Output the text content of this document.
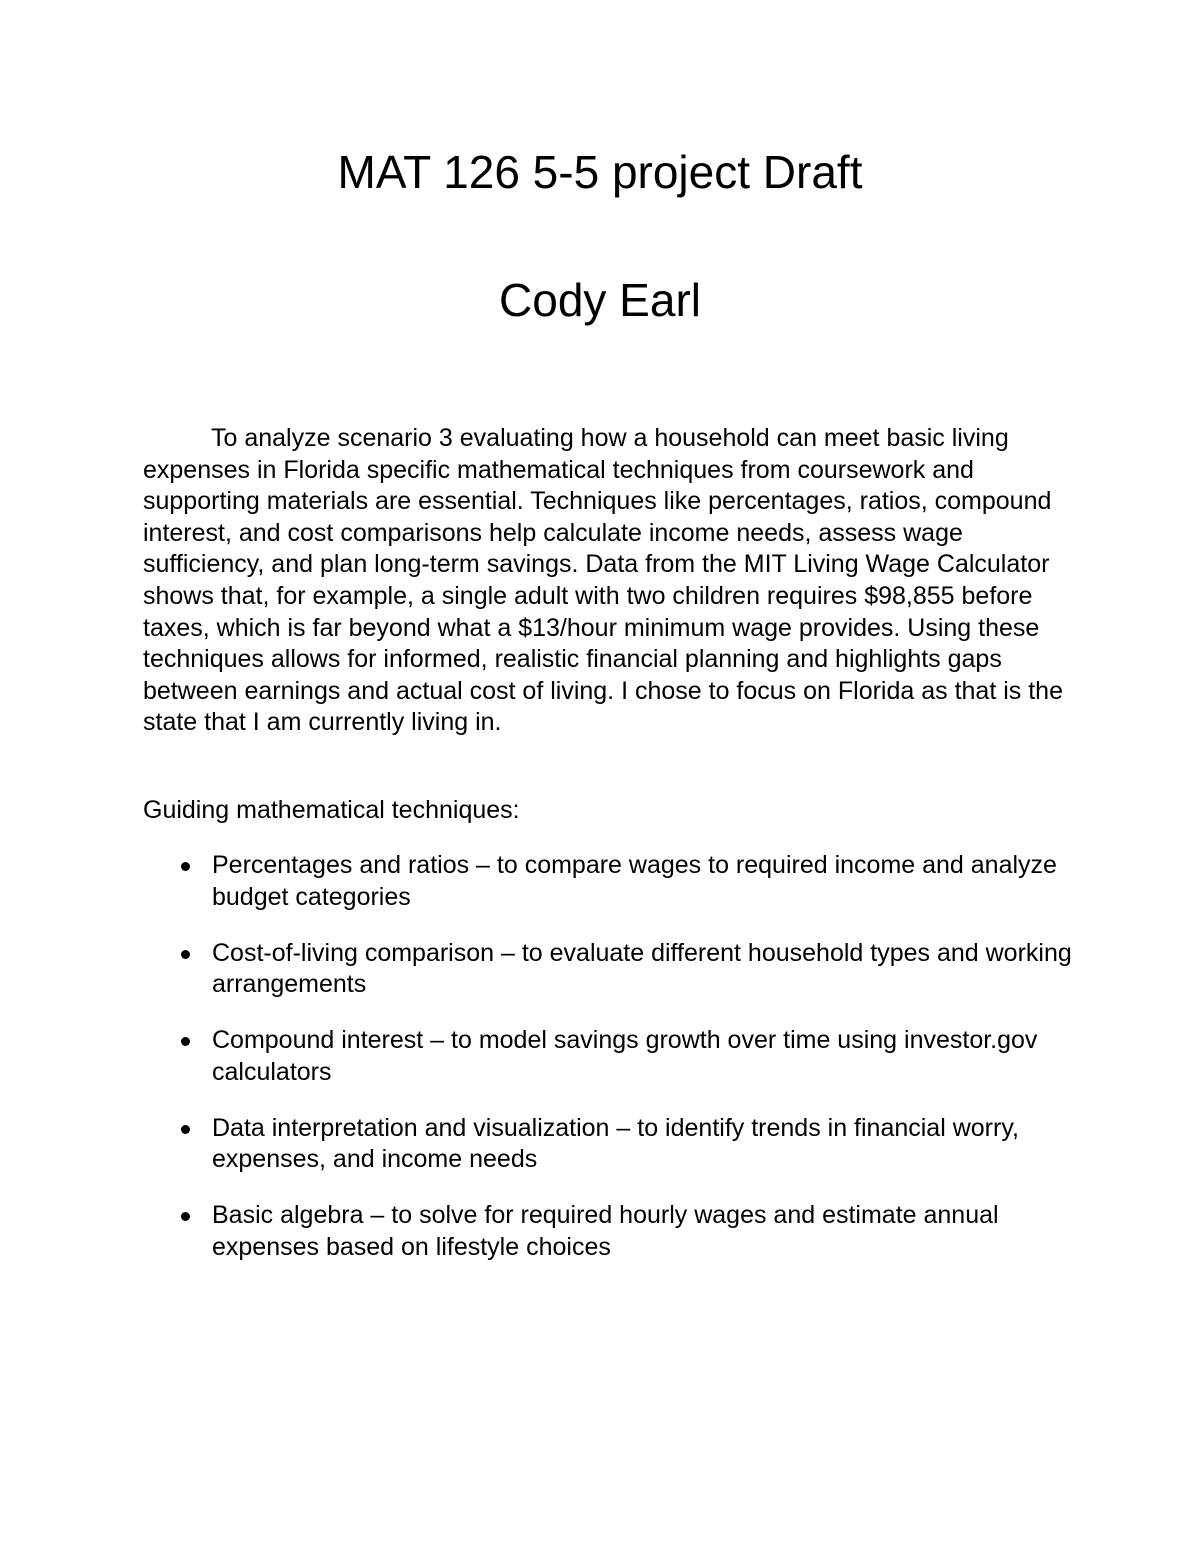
MAT 126 5-5 project Draft
Cody Earl

To analyze scenario 3 evaluating how a household can meet basic living expenses in Florida specific mathematical techniques from coursework and supporting materials are essential. Techniques like percentages, ratios, compound interest, and cost comparisons help calculate income needs, assess wage sufficiency, and plan long-term savings. Data from the MIT Living Wage Calculator shows that, for example, a single adult with two children requires $98,855 before taxes, which is far beyond what a $13/hour minimum wage provides. Using these techniques allows for informed, realistic financial planning and highlights gaps between earnings and actual cost of living. I chose to focus on Florida as that is the state that I am currently living in.

Guiding mathematical techniques:

Percentages and ratios – to compare wages to required income and analyze budget categories
Cost-of-living comparison – to evaluate different household types and working arrangements
Compound interest – to model savings growth over time using investor.gov calculators
Data interpretation and visualization – to identify trends in financial worry, expenses, and income needs
Basic algebra – to solve for required hourly wages and estimate annual expenses based on lifestyle choices
